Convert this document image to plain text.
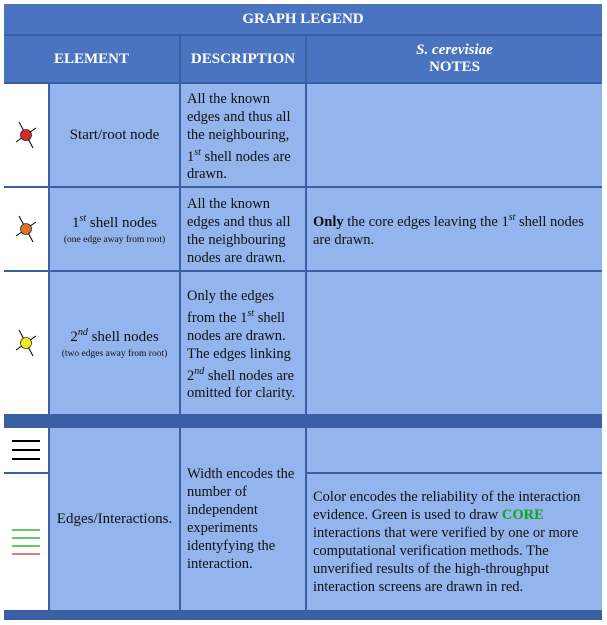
GRAPH LEGEND
ELEMENT	DESCRIPTION
S. cerevisiae
NOTES
Start/root node
All the known edges and thus all the neighbouring, 1st shell nodes are drawn.
1st shell nodes
(one edge away from root)
All the known edges and thus all the neighbouring nodes are drawn.
Only the core edges leaving the 1st shell nodes are drawn.
2nd shell nodes
(two edges away from root)
Only the edges from the 1st shell nodes are drawn. The edges linking 2nd shell nodes are omitted for clarity.
Edges/Interactions.
Width encodes the number of independent experiments identyfying the interaction.
Color encodes the reliability of the interaction evidence. Green is used to draw CORE interactions that were verified by one or more computational verification methods. The unverified results of the high-throughput interaction screens are drawn in red.
